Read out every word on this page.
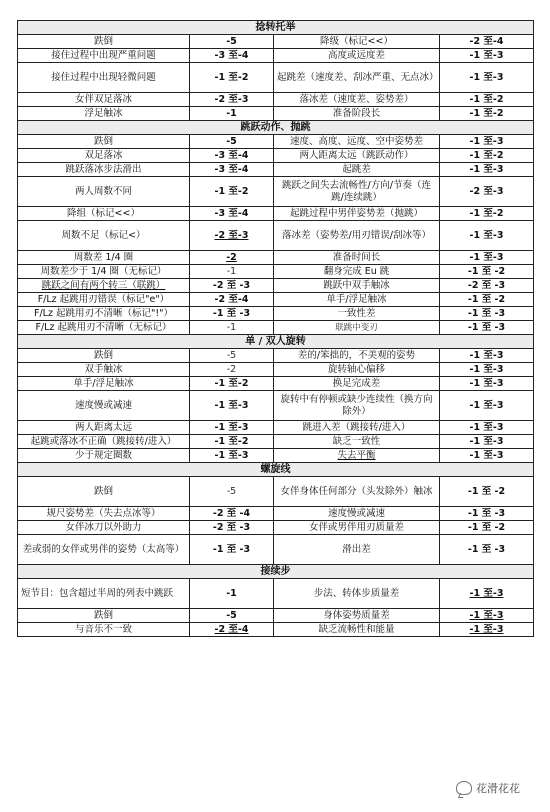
捻转托举			
跌倒	-5	降级（标记<<）	-2 至-4
接住过程中出现严重问题	-3 至-4	高度或远度差	-1 至-3
接住过程中出现轻微问题	-1 至-2	起跳差（速度差、刮冰严重、无点冰）	-1 至-3
女伴双足落冰	-2 至-3	落冰差（速度差、姿势差）	-1 至-2
浮足触冰	-1	准备阶段长	-1 至-2
跳跃动作、抛跳			
跌倒	-5	速度、高度、远度、空中姿势差	-1 至-3
双足落冰	-3 至-4	两人距离太远（跳跃动作）	-1 至-2
跳跃落冰步法滑出	-3 至-4	起跳差	-1 至-3
两人周数不同	-1 至-2	跳跃之间失去流畅性/方向/节奏（连跳/连续跳）	-2 至-3
降组（标记<<）	-3 至-4	起跳过程中男伴姿势差（抛跳）	-1 至-2
周数不足（标记<）	-2 至-3	落冰差（姿势差/用刃错误/刮冰等）	-1 至-3
周数差 1/4 圈	-2	准备时间长	-1 至-3
周数差少于 1/4 圈（无标记）	-1	翻身完成 Eu 跳	-1 至 -2
跳跃之间有两个转三（联跳）	-2 至 -3	跳跃中双手触冰	-2 至 -3
F/Lz 起跳用刃错误（标记"e"）	-2 至-4	单手/浮足触冰	-1 至 -2
F/Lz 起跳用刃不清晰（标记"!"）	-1 至 -3	一致性差	-1 至 -3
F/Lz 起跳用刃不清晰（无标记）	-1	联跳中变刃	-1 至 -3
单 / 双人旋转			
跌倒	-5	差的/笨拙的，不美观的姿势	-1 至-3
双手触冰	-2	旋转轴心偏移	-1 至-3
单手/浮足触冰	-1 至-2	换足完成差	-1 至-3
速度慢或减速	-1 至-3	旋转中有停顿或缺少连续性（换方向除外）	-1 至-3
两人距离太远	-1 至-3	跳进入差（跳接转/进入）	-1 至-3
起跳或落冰不正确（跳接转/进入）	-1 至-2	缺乏一致性	-1 至-3
少于规定圈数	-1 至-3	失去平衡	-1 至-3
螺旋线			
跌倒	-5	女伴身体任何部分（头发除外）触冰	-1 至 -2
规尺姿势差（失去点冰等）	-2 至 -4	速度慢或减速	-1 至 -3
女伴冰刀以外助力	-2 至 -3	女伴或男伴用刃质量差	-1 至 -2
差或弱的女伴或男伴的姿势（太高等）	-1 至 -3	滑出差	-1 至 -3
接续步			
短节目：包含超过半周的列表中跳跃	-1	步法、转体步质量差	-1 至-3
跌倒	-5	身体姿势质量差	-1 至-3
与音乐不一致	-2 至-4	缺乏流畅性和能量	-1 至-3
花滑花花
